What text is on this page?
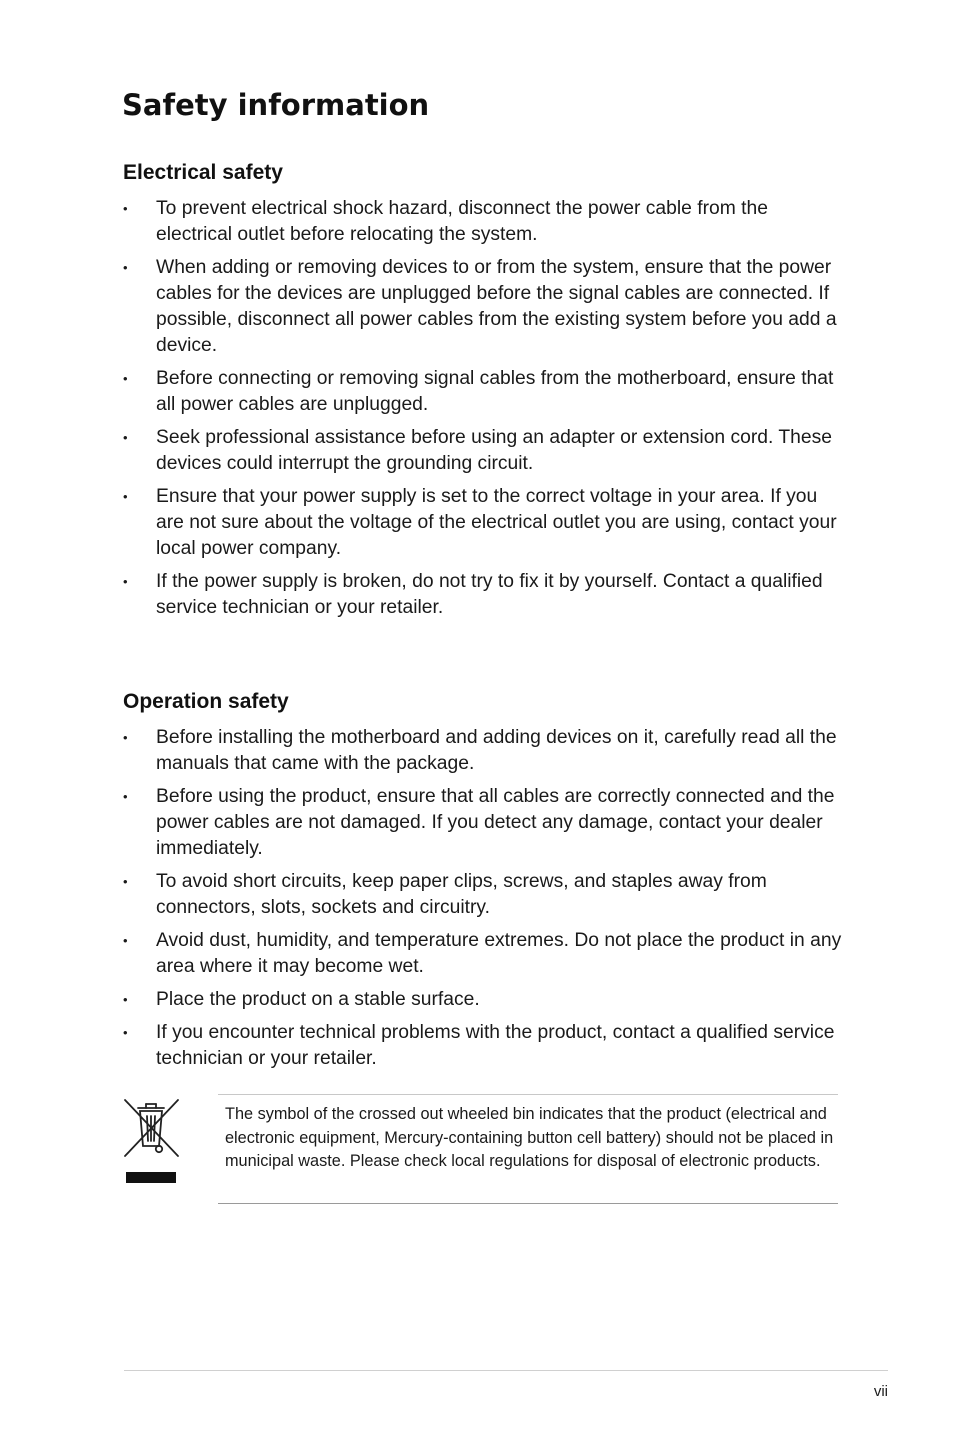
Safety information
Electrical safety
• To prevent electrical shock hazard, disconnect the power cable from the electrical outlet before relocating the system.
• When adding or removing devices to or from the system, ensure that the power cables for the devices are unplugged before the signal cables are connected. If possible, disconnect all power cables from the existing system before you add a device.
• Before connecting or removing signal cables from the motherboard, ensure that all power cables are unplugged.
• Seek professional assistance before using an adapter or extension cord. These devices could interrupt the grounding circuit.
• Ensure that your power supply is set to the correct voltage in your area. If you are not sure about the voltage of the electrical outlet you are using, contact your local power company.
• If the power supply is broken, do not try to fix it by yourself. Contact a qualified service technician or your retailer.
Operation safety
• Before installing the motherboard and adding devices on it, carefully read all the manuals that came with the package.
• Before using the product, ensure that all cables are correctly connected and the power cables are not damaged. If you detect any damage, contact your dealer immediately.
• To avoid short circuits, keep paper clips, screws, and staples away from connectors, slots, sockets and circuitry.
• Avoid dust, humidity, and temperature extremes. Do not place the product in any area where it may become wet.
• Place the product on a stable surface.
• If you encounter technical problems with the product, contact a qualified service technician or your retailer.

The symbol of the crossed out wheeled bin indicates that the product (electrical and electronic equipment, Mercury-containing button cell battery) should not be placed in municipal waste. Please check local regulations for disposal of electronic products.

vii
